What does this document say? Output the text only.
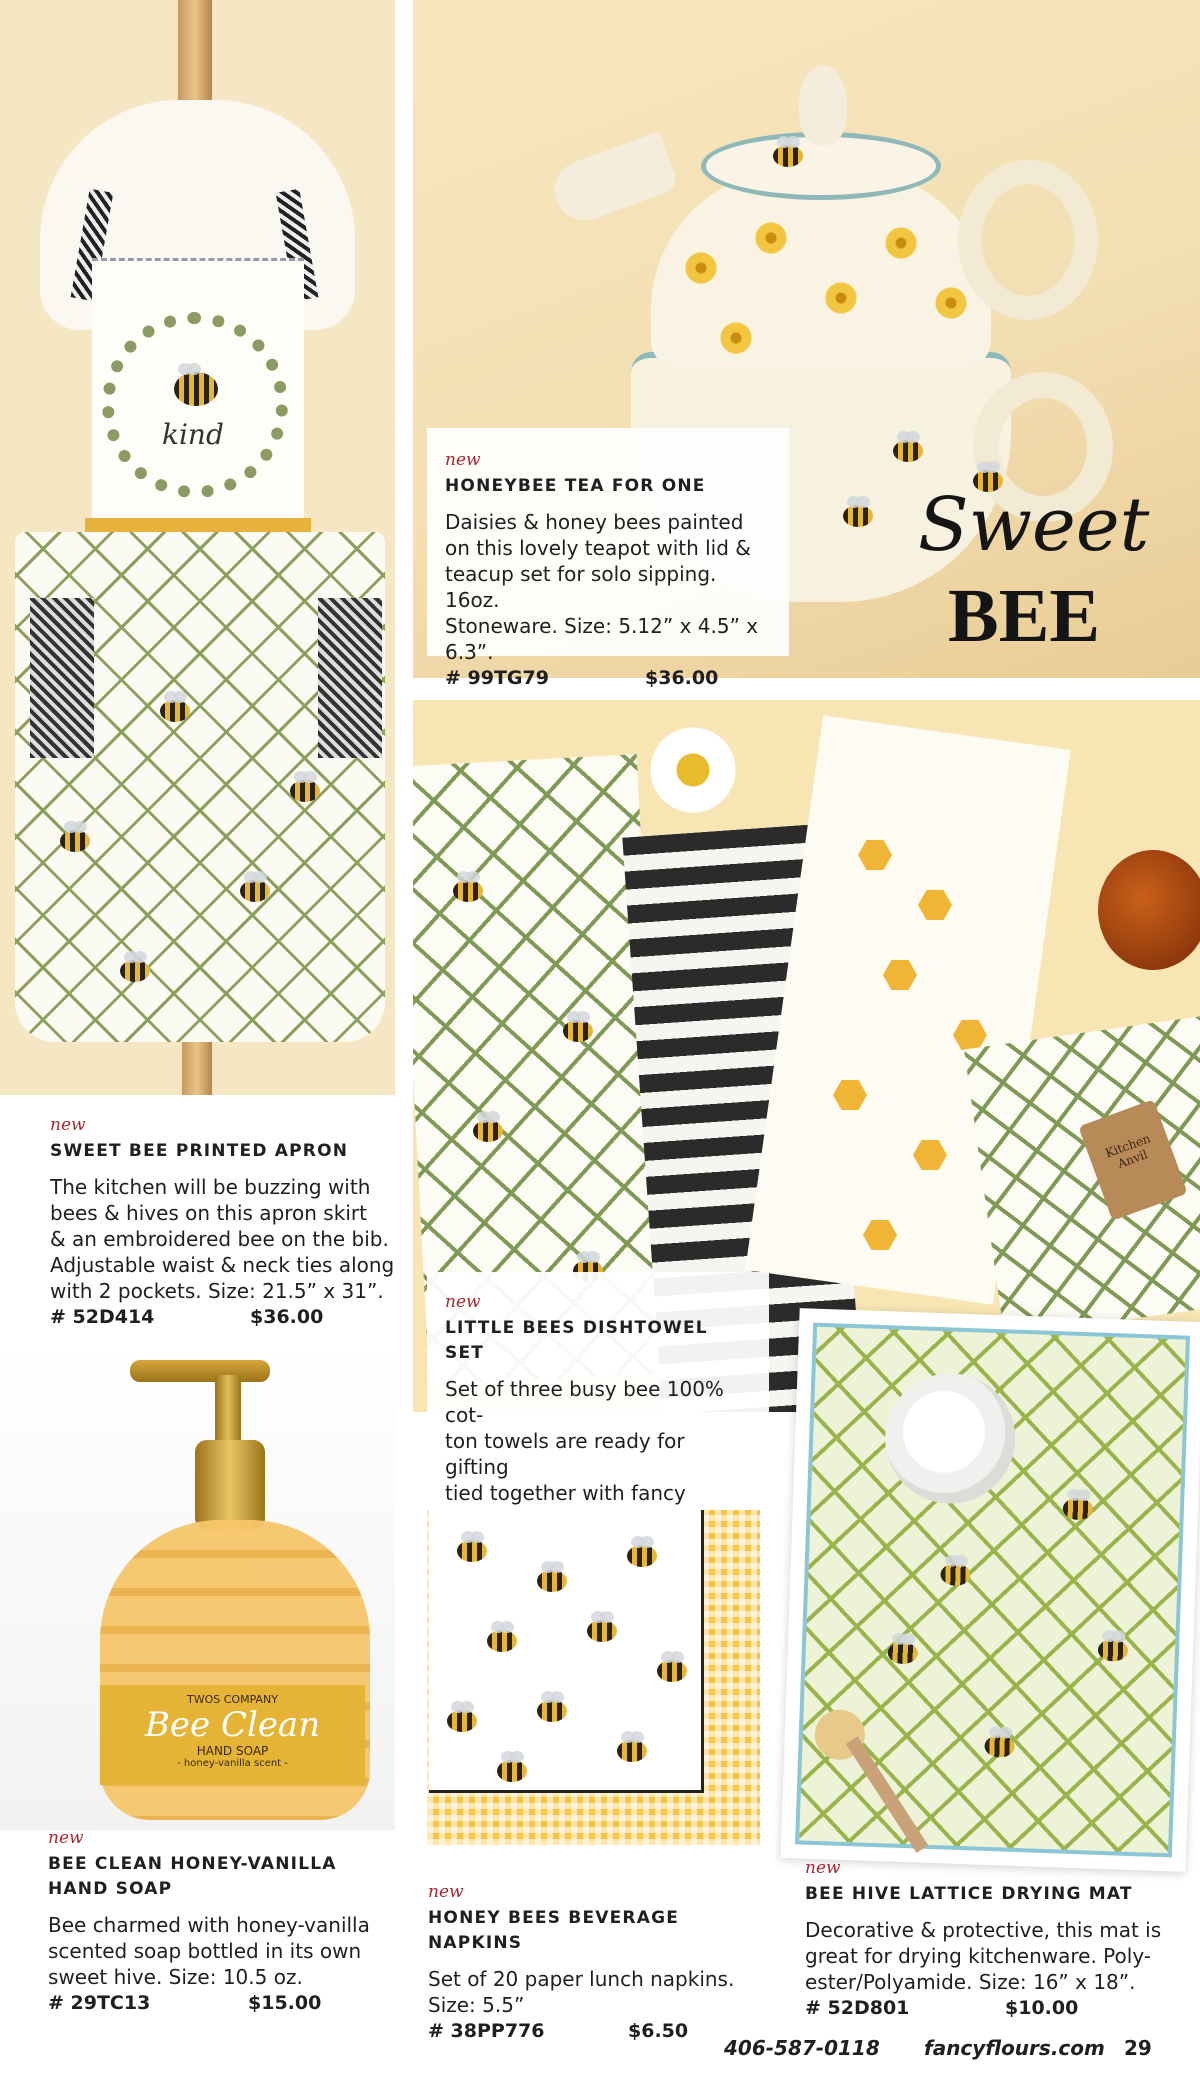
kind
Sweet
BEE
new
HONEYBEE TEA FOR ONE
Daisies & honey bees painted
on this lovely teapot with lid &
teacup set for solo sipping. 16oz.
Stoneware. Size: 5.12” x 4.5” x 6.3”.
# 99TG79	$36.00
Kitchen Anvil
new
LITTLE BEES DISHTOWEL SET
Set of three busy bee 100% cot-
ton towels are ready for gifting
tied together with fancy
new
SWEET BEE PRINTED APRON
The kitchen will be buzzing with
bees & hives on this apron skirt
& an embroidered bee on the bib.
Adjustable waist & neck ties along
with 2 pockets. Size: 21.5” x 31”.
# 52D414	$36.00
TWOS COMPANY
Bee Clean
HAND SOAP
- honey-vanilla scent -
new
BEE CLEAN HONEY-VANILLA
HAND SOAP
Bee charmed with honey-vanilla
scented soap bottled in its own
sweet hive. Size: 10.5 oz.
# 29TC13	$15.00
new
HONEY BEES BEVERAGE NAPKINS
Set of 20 paper lunch napkins.
Size: 5.5”
# 38PP776	$6.50
new
BEE HIVE LATTICE DRYING MAT
Decorative & protective, this mat is
great for drying kitchenware. Poly-
ester/Polyamide. Size: 16” x 18”.
# 52D801	$10.00
406-587-0118	fancyflours.com 29
